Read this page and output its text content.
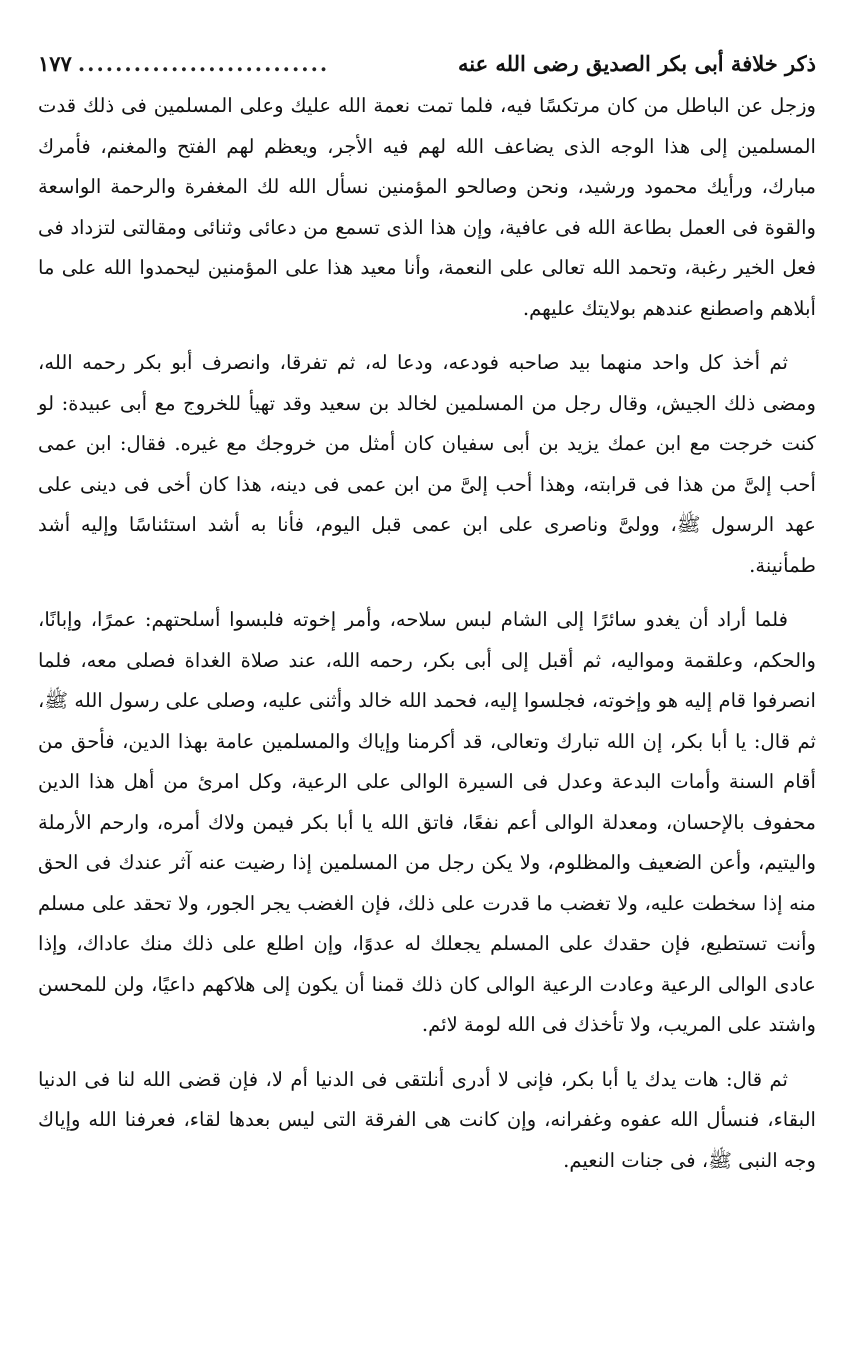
ذكر خلافة أبى بكر الصديق رضى الله عنه
...........................
١٧٧

وزجل عن الباطل من كان مرتكسًا فيه، فلما تمت نعمة الله عليك وعلى المسلمين فى ذلك قدت المسلمين إلى هذا الوجه الذى يضاعف الله لهم فيه الأجر، ويعظم لهم الفتح والمغنم، فأمرك مبارك، ورأيك محمود ورشيد، ونحن وصالحو المؤمنين نسأل الله لك المغفرة والرحمة الواسعة والقوة فى العمل بطاعة الله فى عافية، وإن هذا الذى تسمع من دعائى وثنائى ومقالتى لتزداد فى فعل الخير رغبة، وتحمد الله تعالى على النعمة، وأنا معيد هذا على المؤمنين ليحمدوا الله على ما أبلاهم واصطنع عندهم بولايتك عليهم.

ثم أخذ كل واحد منهما بيد صاحبه فودعه، ودعا له، ثم تفرقا، وانصرف أبو بكر رحمه الله، ومضى ذلك الجيش، وقال رجل من المسلمين لخالد بن سعيد وقد تهيأ للخروج مع أبى عبيدة: لو كنت خرجت مع ابن عمك يزيد بن أبى سفيان كان أمثل من خروجك مع غيره. فقال: ابن عمى أحب إلىَّ من هذا فى قرابته، وهذا أحب إلىَّ من ابن عمى فى دينه، هذا كان أخى فى دينى على عهد الرسول ﷺ، وولىَّ وناصرى على ابن عمى قبل اليوم، فأنا به أشد استئناسًا وإليه أشد طمأنينة.

فلما أراد أن يغدو سائرًا إلى الشام لبس سلاحه، وأمر إخوته فلبسوا أسلحتهم: عمرًا، وإبانًا، والحكم، وعلقمة ومواليه، ثم أقبل إلى أبى بكر، رحمه الله، عند صلاة الغداة فصلى معه، فلما انصرفوا قام إليه هو وإخوته، فجلسوا إليه، فحمد الله خالد وأثنى عليه، وصلى على رسول الله ﷺ، ثم قال: يا أبا بكر، إن الله تبارك وتعالى، قد أكرمنا وإياك والمسلمين عامة بهذا الدين، فأحق من أقام السنة وأمات البدعة وعدل فى السيرة الوالى على الرعية، وكل امرئ من أهل هذا الدين محفوف بالإحسان، ومعدلة الوالى أعم نفعًا، فاتق الله يا أبا بكر فيمن ولاك أمره، وارحم الأرملة واليتيم، وأعن الضعيف والمظلوم، ولا يكن رجل من المسلمين إذا رضيت عنه آثر عندك فى الحق منه إذا سخطت عليه، ولا تغضب ما قدرت على ذلك، فإن الغضب يجر الجور، ولا تحقد على مسلم وأنت تستطيع، فإن حقدك على المسلم يجعلك له عدوًا، وإن اطلع على ذلك منك عاداك، وإذا عادى الوالى الرعية وعادت الرعية الوالى كان ذلك قمنا أن يكون إلى هلاكهم داعيًا، ولن للمحسن واشتد على المريب، ولا تأخذك فى الله لومة لائم.

ثم قال: هات يدك يا أبا بكر، فإنى لا أدرى أنلتقى فى الدنيا أم لا، فإن قضى الله لنا فى الدنيا البقاء، فنسأل الله عفوه وغفرانه، وإن كانت هى الفرقة التى ليس بعدها لقاء، فعرفنا الله وإياك وجه النبى ﷺ، فى جنات النعيم.
